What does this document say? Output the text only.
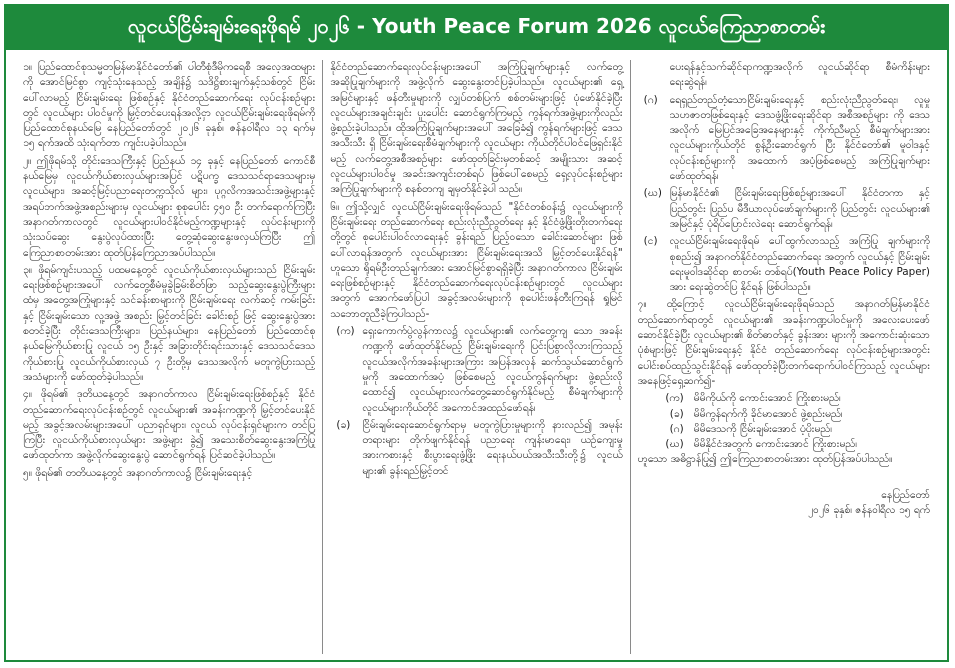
လူငယ်ငြိမ်းချမ်းရေးဖိုရမ် ၂၀၂၆ - Youth Peace Forum 2026 လူငယ်ကြေညာစာတမ်း

၁။ ပြည်ထောင်စုသမ္မတမြန်မာနိုင်ငံတော်၏ ပါတီစုံဒီမိုကရေစီ အလေ့အထများကို အောင်မြင်စွာ ကျင့်သုံးနေသည့် အချိန်၌ သဒိဋ္ဌိစားချက်နှင့်သစ်တွင် ငြိမ်းပေါ်လာမည့် ငြိမ်းချမ်းရေး ဖြစ်စဉ်နှင့် နိုင်ငံတည်ဆောက်ရေး လုပ်ငန်းစဉ်များတွင် လူငယ်များ ပါဝင်မှုကို မြှင့်တင်ပေးရန်အလို့ငှာ လူငယ်ငြိမ်းချမ်းရေးဖိုရမ်ကို ပြည်ထောင်စုနယ်မြေ နေပြည်တော်တွင် ၂၀၂၆ ခုနှစ်၊ ဇန်နဝါရီလ ၁၃ ရက်မှ ၁၅ ရက်အထိ သုံးရက်တာ ကျင်းပခဲ့ပါသည်။

၂။ ဤဖိုရမ်သို့ တိုင်းဒေသကြီးနှင့် ပြည်နယ် ၁၄ ခုနှင့် နေပြည်တော် ကောင်စီနယ်မြေမှ လူငယ်ကိုယ်စားလှယ်များအပြင် ပဋိပက္ခ ဒေသသင်ရာဒေသများမှ လူငယ်များ၊ အဆင့်မြင့်ပညာရေးတက္ကသိုလ် များ၊ ပုဂ္ဂလိကအသင်းအဖွဲ့များနှင့် အရပ်ဘက်အဖွဲ့အစည်းများမှ လူငယ်များ စုစုပေါင်း ၄၅၀ ဦး တက်ရောက်ကြပြီး အနာဂတ်ကာလတွင် လူငယ်များပါဝင်နိုင်မည့်ကဏ္ဍများနှင့် လုပ်ငန်းများကို သုံးသပ်ဆွေး နွေးပွဲလုပ်ထားပြီး တွေ့ဆုံဆွေးနွေးဖလှယ်ကြပြီး ဤကြေညာစာတမ်းအား ထုတ်ပြန်ကြေညာအပ်ပါသည်။

၃။ ဖိုရမ်ကျင်းပသည့် ပထမနေ့တွင် လူငယ်ကိုယ်စားလှယ်များသည် ငြိမ်းချမ်းရေးဖြစ်စဉ်များအပေါ် လက်တွေ့စီမံမှုခွဲခြမ်းစိတ်ဖြာ သည့်ဆွေးနွေးပွဲကြီးများ ထံမှ အတွေ့အကြုံများနှင့် သင်ခန်းစာများကို ငြိမ်းချမ်းရေး လက်ဆင့် ကမ်းခြင်းနှင့် ငြိမ်းချမ်းသော လူ့အဖွဲ့ အစည်း မြှင့်တင်ခြင်း ခေါင်းစဉ် ဖြင့် ဆွေးနွေးပွဲအား စတင်ခဲ့ပြီး တိုင်းဒေသကြီးများ၊ ပြည်နယ်များ၊ နေပြည်တော် ပြည်ထောင်စုနယ်မြေကိုယ်စားပြု လူငယ် ၁၅ ဦးနှင့် အခြားတိုင်းရင်းသားနှင့် ဒေသသင်ဒေသကိုယ်စားပြု လူငယ်ကိုယ်စားလှယ် ၇ ဦးတို့မှ ဒေသအလိုက် မတူကွဲပြားသည့် အသံများကို ဖော်ထုတ်ခဲ့ပါသည်။

၄။ ဖိုရမ်၏ ဒုတိယနေ့တွင် အနာဂတ်ကာလ ငြိမ်းချမ်းရေးဖြစ်စဉ်နှင့် နိုင်ငံတည်ဆောက်ရေးလုပ်ငန်းစဉ်တွင် လူငယ်များ၏ အခန်းကဏ္ဍကို မြှင့်တင်ပေးနိုင်မည့် အခွင့်အလမ်းများအပေါ် ပညာရှင်များ၊ လူငယ် လုပ်ငန်းရှင်များက တင်ပြကြပြီး လူငယ်ကိုယ်စားလှယ်များ အဖွဲ့များ ခွဲ၍ အသေးစိတ်ဆွေးနွေးအကြံပြု ဖော်ထုတ်ကာ အဖွဲ့လိုက်ဆွေးနွေးပွဲ ဆောင်ရွက်ရန် ပြင်ဆင်ခဲ့ပါသည်။

၅။ ဖိုရမ်၏ တတိယနေ့တွင် အနာဂတ်ကာလ၌ ငြိမ်းချမ်းရေးနှင့်

နိုင်ငံတည်ဆောက်ရေးလုပ်ငန်းများအပေါ် အကြံပြုချက်များနှင့် လက်တွေ့အဆိုပြုချက်များကို အဖွဲ့လိုက် ဆွေးနွေးတင်ပြခဲ့ပါသည်။ လူငယ်များ၏ ရှေ့အမြင်များနှင့် ဖန်တီးမှုများကို လျှပ်တစ်ပြက် စစ်တမ်းများဖြင့် ပုံဖော်နိုင်ခဲ့ပြီး လူငယ်များအချင်းချင်း ပူးပေါင်း ဆောင်ရွက်ကြမည့် ကွန်ရက်အဖွဲ့များကိုလည်း ဖွဲ့စည်းခဲ့ပါသည်။ ထိုအကြံပြုချက်များအပေါ် အခြေခံ၍ ကွန်ရက်များဖြင့် ဒေသအသီးသီး ရှိ ငြိမ်းချမ်းရေးစီမံချက်များကို လူငယ်များ ကိုယ်တိုင်ပါဝင်ဖြေရှင်းနိုင် မည့် လက်တွေ့အစီအစဉ်များ ဖော်ထုတ်ခြင်းမှတစ်ဆင့် အမျိုးသား အဆင့် လူငယ်များပါဝင်မှု အခင်းအကျင်းတစ်ရပ် ဖြစ်ပေါ်စေမည့် ရှေ့လုပ်ငန်းစဉ်များ အကြံပြုချက်များကို စနစ်တကျ ချမှတ်နိုင်ခဲ့ပါ သည်။

၆။ ဤသို့လျှင် လူငယ်ငြိမ်းချမ်းရေးဖိုရမ်သည် "နိုင်ငံတစ်ဝန်း၌ လူငယ်များကို ငြိမ်းချမ်းရေး တည်ဆောက်ရေး စည်းလုံးညီညွတ်ရေး နှင့် နိုင်ငံဖွံ့ဖြိုးတိုးတက်ရေးတို့တွင် စုပေါင်းပါဝင်လာရေးနှင့် ခွန်းရည် ပြည့်ဝသော ခေါင်းဆောင်များ ဖြစ်ပေါ်လာရန်အတွက် လူငယ်များအား ငြိမ်းချမ်းရေးအသိ မြှင့်တင်ပေးနိုင်ရန်" ဟူသော ရိုရမ်ဦးတည်ချက်အား အောင်မြင်စွာရရှိခဲ့ပြီး အနာဂတ်ကာလ ငြိမ်းချမ်းရေးဖြစ်စဉ်များနှင့် နိုင်ငံတည်ဆောက်ရေးလုပ်ငန်းစဉ်များတွင် လူငယ်များအတွက် အောက်ဖော်ပြပါ အခွင့်အလမ်းများကို စုပေါင်းဖန်တီးကြရန် ရှုမြင် သဘောတူညီခဲ့ကြပါသည်-

(က) ရှေးကောက်ပွဲလွန်ကာလ၌ လူငယ်များ၏ လက်တွေ့ကျ သော အခန်းကဏ္ဍကို ဖော်ထုတ်နိုင်မည့် ငြိမ်းချမ်းရေးကို ပြင်းပြစွာလိုလားကြသည့် လူငယ်အလိုက်အခန်းများအကြား အပြန်အလှန် ဆက်သွယ်ဆောင်ရွက်မှုကို အထောက်အပံ့ ဖြစ်စေမည့် လူငယ်ကွန်ရက်များ ဖွဲ့စည်းလိုထောင်၍ လူငယ်များလက်တွေ့ဆောင်ရွက်နိုင်မည့် စီမံချက်များကို လူငယ်များကိုယ်တိုင် အကောင်အထည်ဖော်ရန်၊
(ခ)	ငြိမ်းချမ်းရေးဆောင်ရွက်ရာမှ မတူကွဲပြားမှုများကို နားလည်၍ အမုန်းတရားများ တိုက်ဖျက်နိုင်ရန် ပညာရေး ကျန်းမာရေး၊ ယဉ်ကျေးမှု အားကစားနှင့် စီးပွားရေးဖွံ့ဖြိုး ရေးနယ်ပယ်အသီးသီးတို့၌ လူငယ်များ၏ ခွန်းရည်မြှင့်တင်

ပေးရန်နှင့်သက်ဆိုင်ရာကဏ္ဍအလိုက် လူငယ်ဆိုင်ရာ စီမံကိန်းများ ရေးဆွဲရန်၊

(ဂ)	ရေရှည်တည်တံ့သောငြိမ်းချမ်းရေးနှင့် စည်းလုံးညီညွတ်ရေး၊ လူမှုသဟဇာတဖြစ်ရေးနှင့် ဒေသဖွံ့ဖြိုးရေးဆိုင်ရာ အစီအစဉ်များ ကို ဒေသအလိုက် မြေပြင်အခြေအနေများနှင့် ကိုက်ညီမည့် စီမံချက်များအား လူငယ်များကိုယ်တိုင် စွန့်ဦးဆောင်ရွက် ပြီး နိုင်ငံတော်၏ မူဝါဒနှင့် လုပ်ငန်းစဉ်များကို အထောက် အပံ့ဖြစ်စေမည့် အကြံပြုချက်များ ဖော်ထုတ်ရန်၊
(ဃ) မြန်မာနိုင်ငံ၏ ငြိမ်းချမ်းရေးဖြစ်စဉ်များအပေါ် နိုင်ငံတကာ နှင့် ပြည်တွင်း ပြည်ပ မီဒီယာလုပ်ဖော်ချက်များကို ပြည်တွင်း လူငယ်များ၏ အမြင်နှင့် ပုံရိပ်ပြောင်းလဲရေး ဆောင်ရွက်ရန်၊
(င)	လူငယ်ငြိမ်းချမ်းရေးဖိုရမ် ပေါ်ထွက်လာသည့် အကြံပြု ချက်များကိုစုစည်း၍ အနာဂတ်နိုင်ငံတည်ဆောက်ရေး အတွက် လူငယ်နှင့် ငြိမ်းချမ်းရေးမူဝါဒဆိုင်ရာ စာတမ်း တစ်ရပ်(Youth Peace Policy Paper) အား ရေးဆွဲတင်ပြ နိုင်ရန် ဖြစ်ပါသည်။

၇။ ထို့ကြောင့် လူငယ်ငြိမ်းချမ်းရေးဖိုရမ်သည် အနာဂတ်မြန်မာနိုင်ငံ တည်ဆောက်ရာတွင် လူငယ်များ၏ အခန်းကဏ္ဍပါဝင်မှုကို အလေးပေးဖော်ဆောင်နိုင်ခဲ့ပြီး လူငယ်များ၏ စိတ်ဓာတ်နှင့် ခွန်းအား များကို အကောင်းဆုံးသောပုံစံများဖြင့် ငြိမ်းချမ်းရေးနှင့် နိုင်ငံ တည်ဆောက်ရေး လုပ်ငန်းစဉ်များအတွင်း ပေါင်းစပ်ထည့်သွင်းနိုင်ရန် ဖော်ထုတ်ခဲ့ပြီးတက်ရောက်ပါဝင်ကြသည့် လူငယ်များအနေဖြင့်ရှေ့ဆက်၍-

(က) မိမိကိုယ်ကို ကောင်းအောင် ကြိုးစားမည်၊
(ခ) မိမိကွန်ရက်ကို ခိုင်မာအောင် ဖွဲ့စည်းမည်၊
(ဂ) မိမိဒေသကို ငြိမ်းချမ်းအောင် ပံ့ပိုးမည်၊
(ဃ) မိမိနိုင်ငံအတွက် ကောင်းအောင် ကြိုးစားမည်၊

ဟူသော အဓိဋ္ဌာန်ပြု၍ ဤကြေညာစာတမ်းအား ထုတ်ပြန်အပ်ပါသည်။

နေပြည်တော်
၂၀၂၆ ခုနှစ်၊ ဇန်နဝါရီလ ၁၅ ရက်
